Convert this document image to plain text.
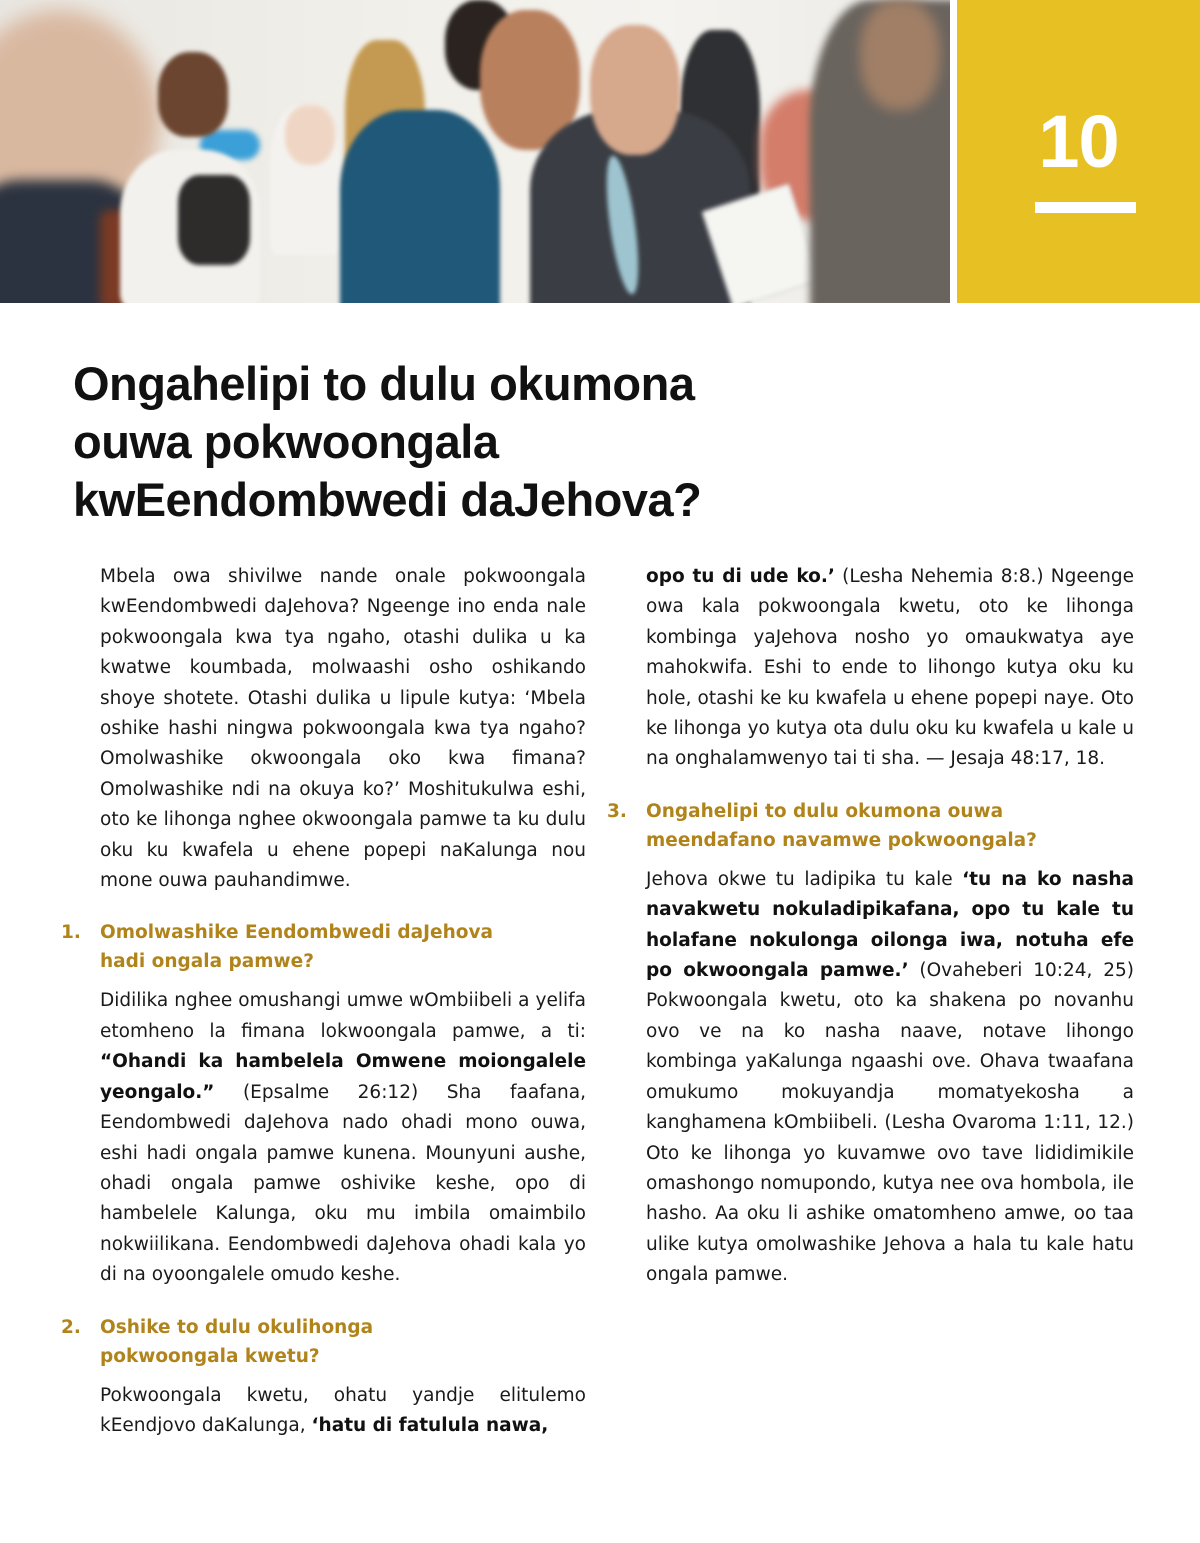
10
Ongahelipi to dulu okumona
ouwa pokwoongala
kwEendombwedi daJehova?

Mbela owa shivilwe nande onale pokwoongala kwEendombwedi daJehova? Ngeenge ino enda nale pokwoongala kwa tya ngaho, otashi dulika u ka kwatwe koumbada, molwaashi osho oshikando shoye shotete. Otashi dulika u lipule kutya: ‘Mbela oshike hashi ningwa pokwoongala kwa tya ngaho? Omolwashike okwoongala oko kwa fimana? Omolwashike ndi na okuya ko?’ Moshitukulwa eshi, oto ke lihonga nghee okwoongala pamwe ta ku dulu oku ku kwafela u ehene popepi naKalunga nou mone ouwa pauhandimwe.

1. Omolwashike Eendombwedi daJehova
hadi ongala pamwe?

Didilika nghee omushangi umwe wOmbiibeli a yelifa etomheno la fimana lokwoongala pamwe, a ti: “Ohandi ka hambelela Omwene moiongalele yeongalo.” (Epsalme 26:12) Sha faafana, Eendombwedi daJehova nado ohadi mono ouwa, eshi hadi ongala pamwe kunena. Mounyuni aushe, ohadi ongala pamwe oshivike keshe, opo di hambelele Kalunga, oku mu imbila omaimbilo nokwiilikana. Eendombwedi daJehova ohadi kala yo di na oyoongalele omudo keshe.

2. Oshike to dulu okulihonga
pokwoongala kwetu?

Pokwoongala kwetu, ohatu yandje elitulemo kEendjovo daKalunga, ‘hatu di fatulula nawa,

opo tu di ude ko.’ (Lesha Nehemia 8:8.) Ngeenge owa kala pokwoongala kwetu, oto ke lihonga kombinga yaJehova nosho yo omaukwatya aye mahokwifa. Eshi to ende to lihongo kutya oku ku hole, otashi ke ku kwafela u ehene popepi naye. Oto ke lihonga yo kutya ota dulu oku ku kwafela u kale u na onghalamwenyo tai ti sha. — Jesaja 48:17, 18.

3. Ongahelipi to dulu okumona ouwa
meendafano navamwe pokwoongala?

Jehova okwe tu ladipika tu kale ‘tu na ko nasha navakwetu nokuladipikafana, opo tu kale tu holafane nokulonga oilonga iwa, notuha efe po okwoongala pamwe.’ (Ovaheberi 10:24, 25) Pokwoongala kwetu, oto ka shakena po novanhu ovo ve na ko nasha naave, notave lihongo kombinga yaKalunga ngaashi ove. Ohava twaafana omukumo mokuyandja momatyekosha a kanghamena kOmbiibeli. (Lesha Ovaroma 1:11, 12.) Oto ke lihonga yo kuvamwe ovo tave lididimikile omashongo nomupondo, kutya nee ova hombola, ile hasho. Aa oku li ashike omatomheno amwe, oo taa ulike kutya omolwashike Jehova a hala tu kale hatu ongala pamwe.
